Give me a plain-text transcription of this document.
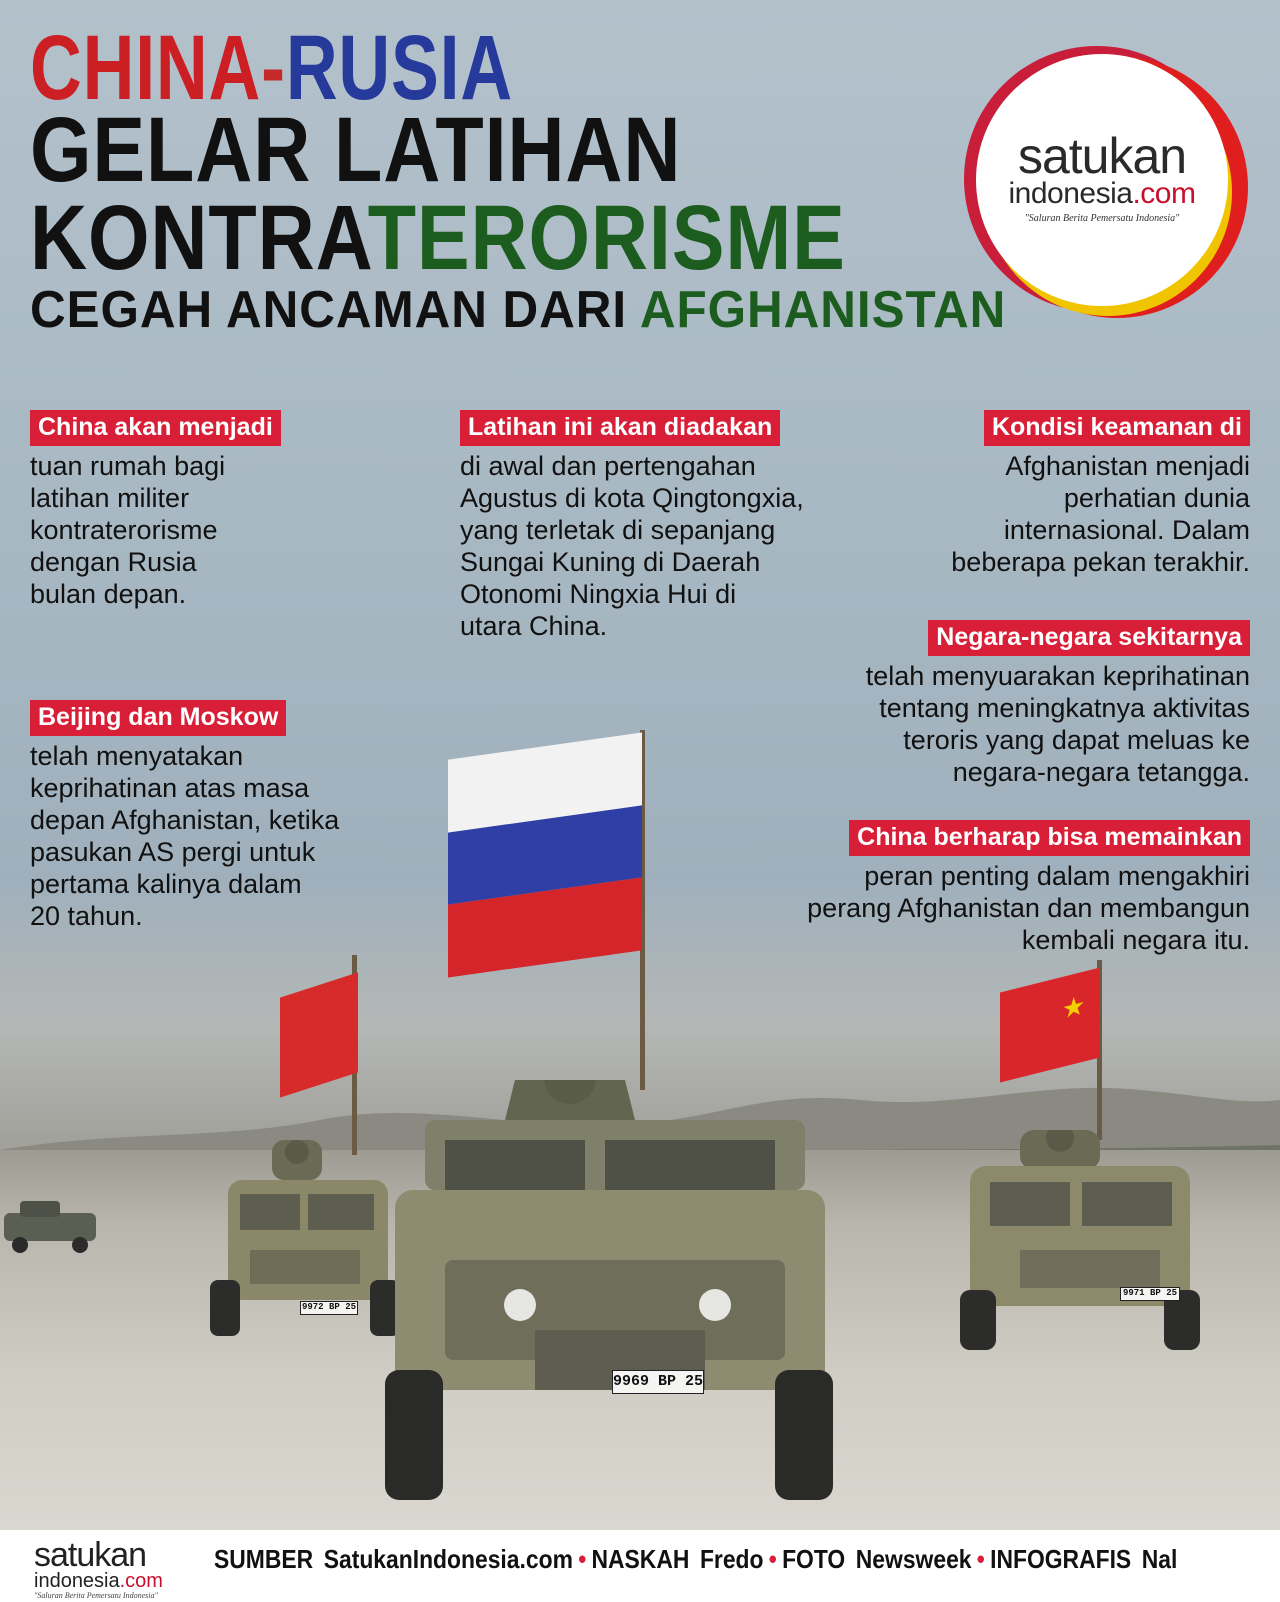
★
9972 BP 25
9971 BP 25
9969 BP 25
CHINA-RUSIA
GELAR LATIHAN
KONTRATERORISME
CEGAH ANCAMAN DARI AFGHANISTAN
satukan
indonesia.com
"Saluran Berita Pemersatu Indonesia"
China akan menjadi
tuan rumah bagi
latihan militer
kontraterorisme
dengan Rusia
bulan depan.
Latihan ini akan diadakan
di awal dan pertengahan
Agustus di kota Qingtongxia,
yang terletak di sepanjang
Sungai Kuning di Daerah
Otonomi Ningxia Hui di
utara China.
Kondisi keamanan di
Afghanistan menjadi
perhatian dunia
internasional. Dalam
beberapa pekan terakhir.
Beijing dan Moskow
telah menyatakan
keprihatinan atas masa
depan Afghanistan, ketika
pasukan AS pergi untuk
pertama kalinya dalam
20 tahun.
Negara-negara sekitarnya
telah menyuarakan keprihatinan
tentang meningkatnya aktivitas
teroris yang dapat meluas ke
negara-negara tetangga.
China berharap bisa memainkan
peran penting dalam mengakhiri
perang Afghanistan dan membangun
kembali negara itu.
satukan
indonesia.com
"Saluran Berita Pemersatu Indonesia"
SUMBER SatukanIndonesia.com • NASKAH Fredo • FOTO Newsweek • INFOGRAFIS Nal
